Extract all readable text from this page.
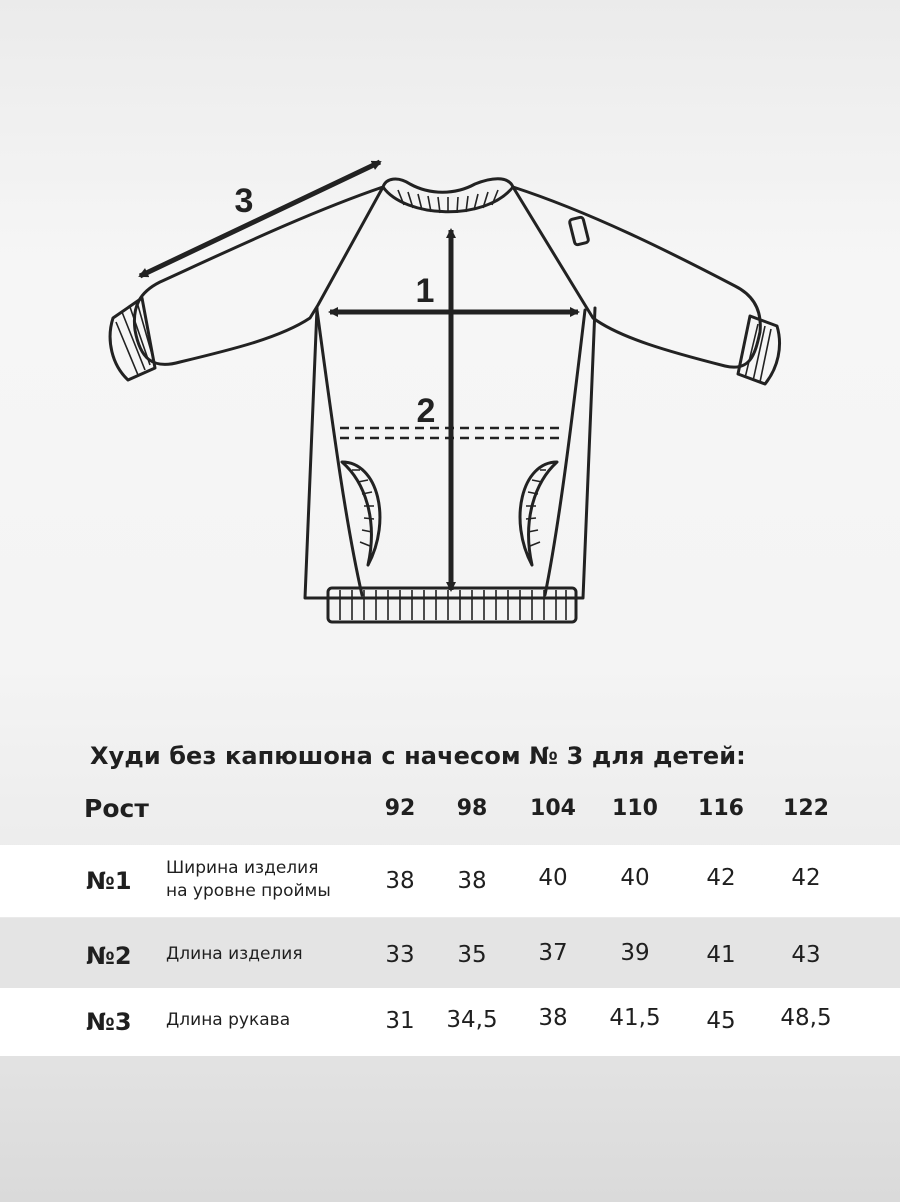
1
2
3
Худи без капюшона с начесом № 3 для детей:
Рост	92	98	104	110	116	122
№1 Ширина изделия
на уровне проймы	38	38	40	40	42	42
№2 Длина изделия	33	35	37	39	41	43
№3 Длина рукава	31	34,5	38	41,5	45	48,5
